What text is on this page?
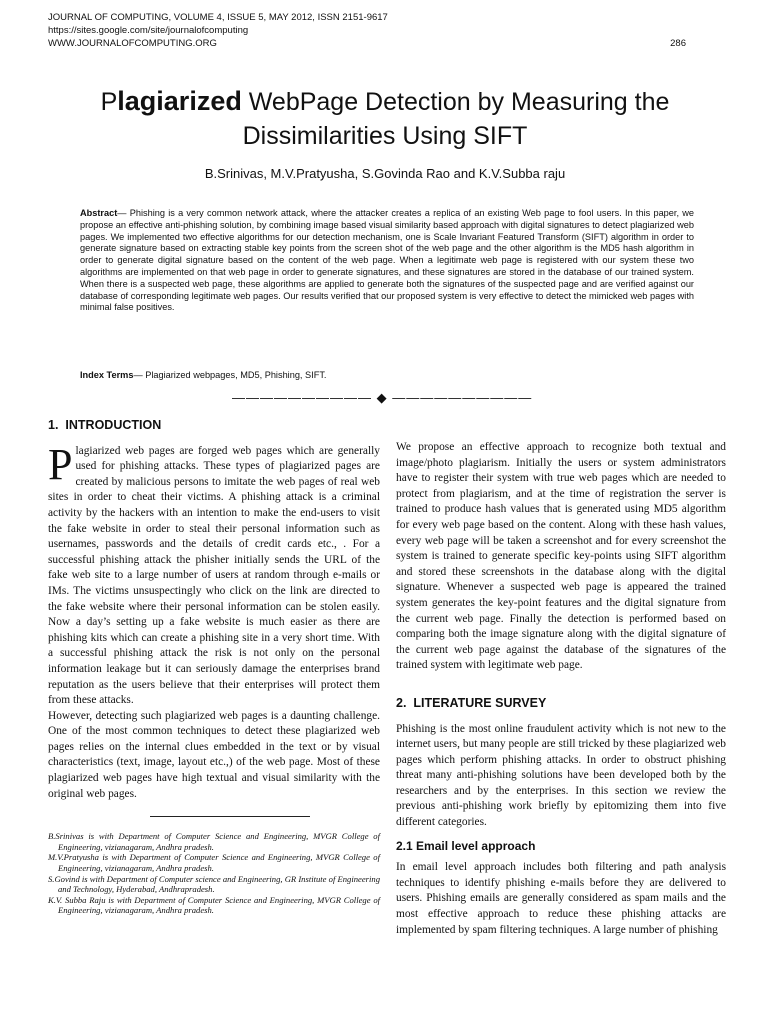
JOURNAL OF COMPUTING, VOLUME 4, ISSUE 5, MAY 2012, ISSN 2151-9617
https://sites.google.com/site/journalofcomputing
WWW.JOURNALOFCOMPUTING.ORG	286
Plagiarized WebPage Detection by Measuring the
Dissimilarities Using SIFT
B.Srinivas, M.V.Pratyusha, S.Govinda Rao and K.V.Subba raju
Abstract— Phishing is a very common network attack, where the attacker creates a replica of an existing Web page to fool users. In this paper, we propose an effective anti-phishing solution, by combining image based visual similarity based approach with digital signatures to detect plagiarized web pages. We implemented two effective algorithms for our detection mechanism, one is Scale Invariant Featured Transform (SIFT) algorithm in order to generate signature based on extracting stable key points from the screen shot of the web page and the other algorithm is the MD5 hash algorithm in order to generate digital signature based on the content of the web page. When a legitimate web page is registered with our system these two algorithms are implemented on that web page in order to generate signatures, and these signatures are stored in the database of our trained system. When there is a suspected web page, these algorithms are applied to generate both the signatures of the suspected page and are verified against our database of corresponding legitimate web pages. Our results verified that our proposed system is very effective to detect the mimicked web pages with minimal false positives.
Index Terms— Plagiarized webpages, MD5, Phishing, SIFT.
—————————— ◆ ——————————
1. INTRODUCTION

Plagiarized web pages are forged web pages which are generally used for phishing attacks. These types of plagiarized pages are created by malicious persons to imitate the web pages of real web sites in order to cheat their victims. A phishing attack is a criminal activity by the hackers with an intention to make the end-users to visit the fake website in order to steal their personal information such as usernames, passwords and the details of credit cards etc., . For a successful phishing attack the phisher initially sends the URL of the fake web site to a large number of users at random through e-mails or IMs. The victims unsuspectingly who click on the link are directed to the fake website where their personal information can be stolen easily. Now a day’s setting up a fake website is much easier as there are phishing kits which can create a phishing site in a very short time. With a successful phishing attack the risk is not only on the personal information leakage but it can seriously damage the enterprises brand reputation as the users believe that their enterprises will protect them from these attacks.

However, detecting such plagiarized web pages is a daunting challenge. One of the most common techniques to detect these plagiarized web pages relies on the internal clues embedded in the text or by visual characteristics (text, image, layout etc.,) of the web page. Most of these plagiarized web pages have high textual and visual similarity with the original web pages.

B.Srinivas is with Department of Computer Science and Engineering, MVGR College of Engineering, vizianagaram, Andhra pradesh.
M.V.Pratyusha is with Department of Computer Science and Engineering, MVGR College of Engineering, vizianagaram, Andhra pradesh.
S.Govind is with Department of Computer science and Engineering, GR Institute of Engineering and Technology, Hyderabad, Andhrapradesh.
K.V. Subba Raju is with Department of Computer Science and Engineering, MVGR College of Engineering, vizianagaram, Andhra pradesh.

We propose an effective approach to recognize both textual and image/photo plagiarism. Initially the users or system administrators have to register their system with true web pages which are needed to protect from plagiarism, and at the time of registration the server is trained to produce hash values that is generated using MD5 algorithm for every web page based on the content. Along with these hash values, every web page will be taken a screenshot and for every screenshot the system is trained to generate specific key-points using SIFT algorithm and stored these screenshots in the database along with the digital signature. Whenever a suspected web page is appeared the trained system generates the key-point features and the digital signature from the current web page. Finally the detection is performed based on comparing both the image signature along with the digital signature of the current web page against the database of the signatures of the trained system with legitimate web page.

2. LITERATURE SURVEY

Phishing is the most online fraudulent activity which is not new to the internet users, but many people are still tricked by these plagiarized web pages which perform phishing attacks. In order to obstruct phishing threat many anti-phishing solutions have been developed both by the researchers and by the enterprises. In this section we review the previous anti-phishing work briefly by epitomizing them into five different categories.

2.1 Email level approach

In email level approach includes both filtering and path analysis techniques to identify phishing e-mails before they are delivered to users. Phishing emails are generally considered as spam mails and the most effective approach to reduce these phishing attacks are implemented by spam filtering techniques. A large number of phishing
